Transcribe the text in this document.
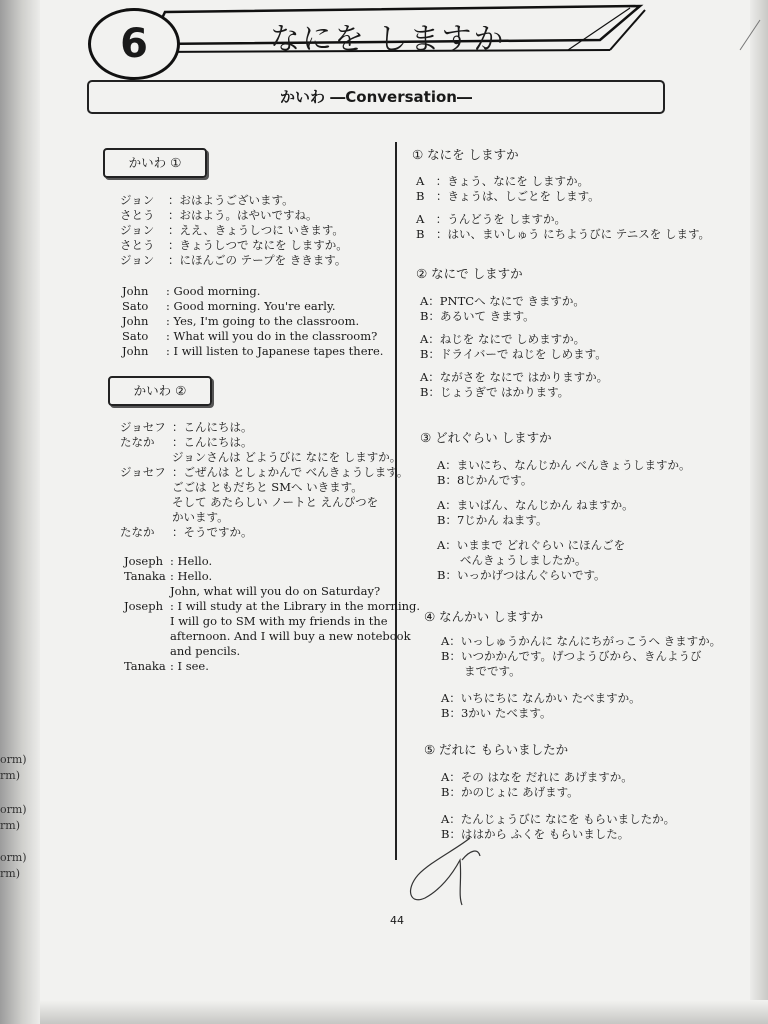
orm)
rm)
orm)
rm)
orm)
rm)
6	なにを しますか
かいわ ―Conversation―
かいわ ①
ジョン	：おはようございます。
さとう	：おはよう。はやいですね。
ジョン	：ええ、きょうしつに いきます。
さとう	：きょうしつで なにを しますか。
ジョン	：にほんごの テープを ききます。
John	: Good morning.
Sato	: Good morning. You're early.
John	: Yes, I'm going to the classroom.
Sato	: What will you do in the classroom?
John	: I will listen to Japanese tapes there.
かいわ ②
ジョセフ ：こんにちは。
たなか	：こんにちは。
ジョンさんは どようびに なにを しますか。
ジョセフ ：ごぜんは としょかんで べんきょうします。
ごごは ともだちと SMへ いきます。
そして あたらしい ノートと えんぴつを
かいます。
たなか	：そうですか。
Joseph : Hello.
Tanaka : Hello.
John, what will you do on Saturday?
Joseph : I will study at the Library in the morning.
I will go to SM with my friends in the
afternoon. And I will buy a new notebook
and pencils.
Tanaka : I see.
① なにを しますか
A　：きょう、なにを しますか。
B　：きょうは、しごとを します。
A　：うんどうを しますか。
B　：はい、まいしゅう にちようびに テニスを します。
② なにで しますか
A：PNTCへ なにで きますか。
B：あるいて きます。
A：ねじを なにで しめますか。
B：ドライバーで ねじを しめます。
A：ながさを なにで はかりますか。
B：じょうぎで はかります。
③ どれぐらい しますか
A：まいにち、なんじかん べんきょうしますか。
B：8じかんです。
A：まいばん、なんじかん ねますか。
B：7じかん ねます。
A：いままで どれぐらい にほんごを
　　べんきょうしましたか。
B：いっかげつはんぐらいです。
④ なんかい しますか
A：いっしゅうかんに なんにちがっこうへ きますか。
B：いつかかんです。げつようびから、きんようび
　　までです。
A：いちにちに なんかい たべますか。
B：3かい たべます。
⑤ だれに もらいましたか
A：その はなを だれに あげますか。
B：かのじょに あげます。
A：たんじょうびに なにを もらいましたか。
B：ははから ふくを もらいました。
44
